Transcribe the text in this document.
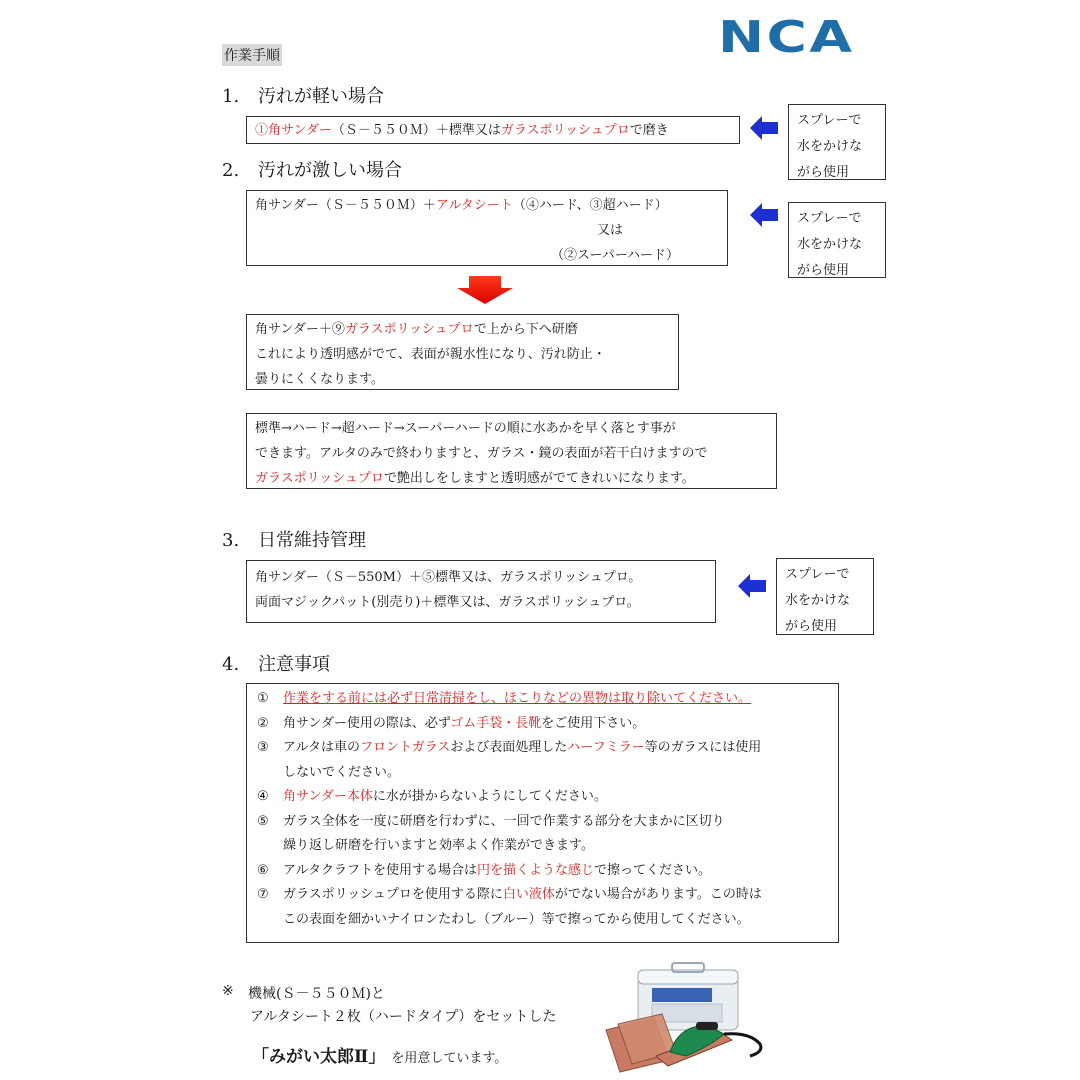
作業手順	NCA
1. 汚れが軽い場合
①角サンダー（Ｓ－５５０Ｍ）＋標準又はガラスポリッシュプロで磨き
スプレーで
水をかけな
がら使用
2. 汚れが激しい場合
角サンダー（Ｓ－５５０Ｍ）＋アルタシート（④ハード、③超ハード）
又は
（②スーパーハード）
スプレーで
水をかけな
がら使用
角サンダー＋⑨ガラスポリッシュプロで上から下へ研磨
これにより透明感がでて、表面が親水性になり、汚れ防止・
曇りにくくなります。
標準→ハード→超ハード→スーパーハードの順に水あかを早く落とす事が
できます。アルタのみで終わりますと、ガラス・鏡の表面が若干白けますので
ガラスポリッシュプロで艶出しをしますと透明感がでてきれいになります。
3. 日常維持管理
角サンダー（Ｓ－550M）＋⑤標準又は、ガラスポリッシュプロ。
両面マジックパット(別売り)＋標準又は、ガラスポリッシュプロ。
スプレーで
水をかけな
がら使用
4. 注意事項
①	作業をする前には必ず日常清掃をし、ほこりなどの異物は取り除いてください。
②	角サンダー使用の際は、必ずゴム手袋・長靴をご使用下さい。
③	アルタは車のフロントガラスおよび表面処理したハーフミラー等のガラスには使用
しないでください。
④	角サンダー本体に水が掛からないようにしてください。
⑤	ガラス全体を一度に研磨を行わずに、一回で作業する部分を大まかに区切り
繰り返し研磨を行いますと効率よく作業ができます。
⑥	アルタクラフトを使用する場合は円を描くような感じで擦ってください。
⑦	ガラスポリッシュプロを使用する際に白い液体がでない場合があります。この時は
この表面を細かいナイロンたわし（ブルー）等で擦ってから使用してください。
※ 機械(Ｓ－５５０Ｍ)と
アルタシート２枚（ハードタイプ）をセットした
「みがい太郎Ⅱ」 を用意しています。
